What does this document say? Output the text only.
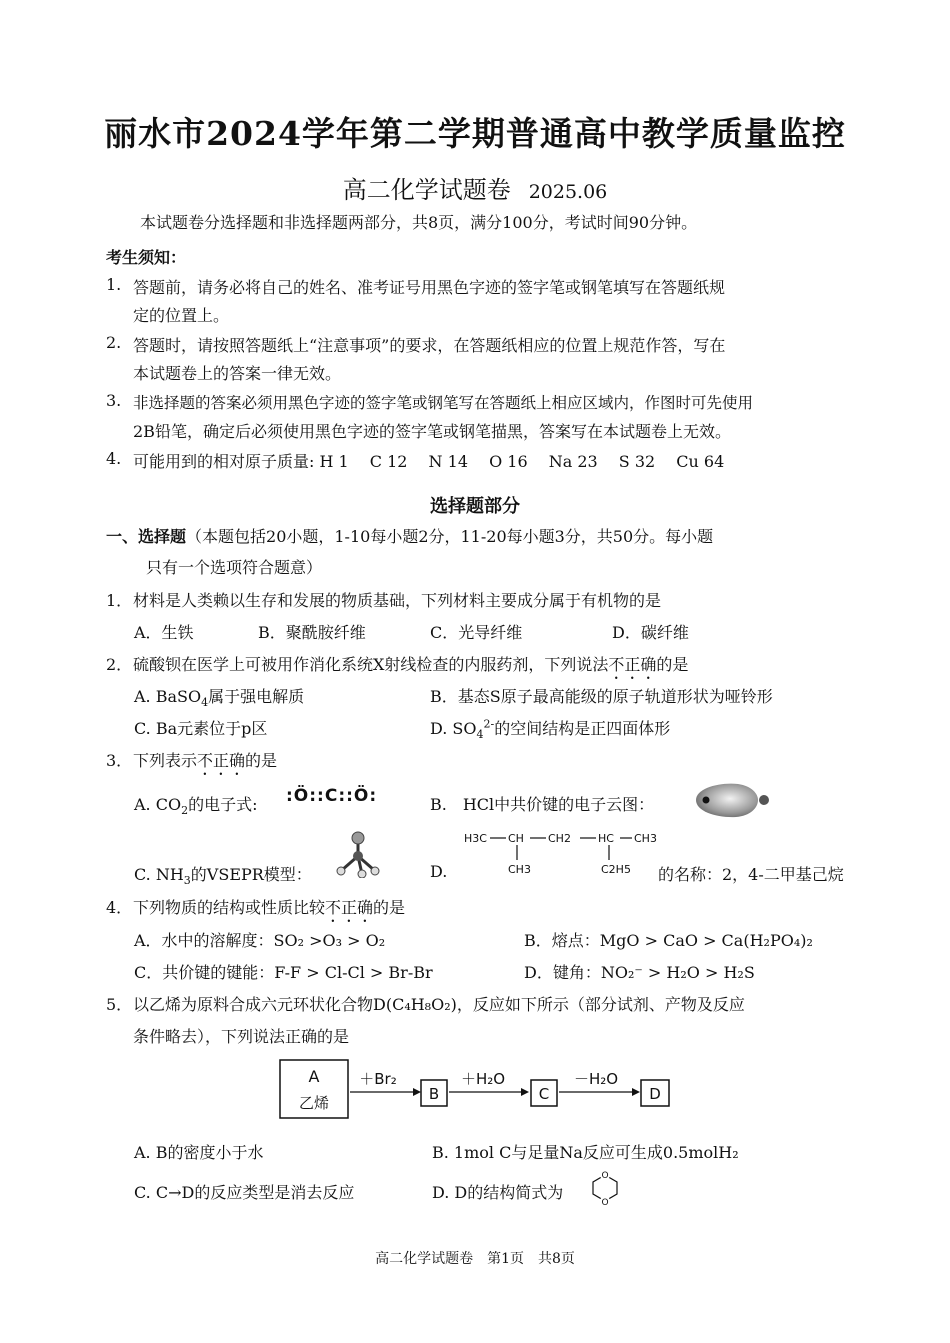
丽水市2024学年第二学期普通高中教学质量监控
高二化学试题卷 2025.06
本试题卷分选择题和非选择题两部分，共8页，满分100分，考试时间90分钟。
考生须知：
1. 答题前，请务必将自己的姓名、准考证号用黑色字迹的签字笔或钢笔填写在答题纸规
定的位置上。
2. 答题时，请按照答题纸上“注意事项”的要求，在答题纸相应的位置上规范作答，写在
本试题卷上的答案一律无效。
3. 非选择题的答案必须用黑色字迹的签字笔或钢笔写在答题纸上相应区域内，作图时可先使用
2B铅笔，确定后必须使用黑色字迹的签字笔或钢笔描黑，答案写在本试题卷上无效。
4. 可能用到的相对原子质量: H 1　 C 12　 N 14　 O 16　 Na 23　 S 32　 Cu 64
选择题部分
一、选择题（本题包括20小题，1-10每小题2分，11-20每小题3分，共50分。每小题
只有一个选项符合题意）
1． 材料是人类赖以生存和发展的物质基础，下列材料主要成分属于有机物的是
A．生铁	B．聚酰胺纤维	C．光导纤维	D．碳纤维
2． 硫酸钡在医学上可被用作消化系统X射线检查的内服药剂，下列说法不正确的是
A. BaSO$_4$属于强电解质	B．基态S原子最高能级的原子轨道形状为哑铃形
C. Ba元素位于p区	D. $SO_4^{2-}$的空间结构是正四面体形
3． 下列表示不正确的是
A. $CO_2$的电子式: :Ö::C::Ö:	B.　HCl中共价键的电子云图：
C. $NH_3$的VSEPR模型：	D.
H3C CH CH2 HC CH3
CH3	C2H5 的名称：2，4-二甲基己烷
4． 下列物质的结构或性质比较不正确的是
A．水中的溶解度：SO₂ >O₃ > O₂	B．熔点：MgO > CaO > Ca(H₂PO₄)₂
C．共价键的键能：F-F > Cl-Cl > Br-Br	D．键角：NO₂⁻ > H₂O > H₂S
5． 以乙烯为原料合成六元环状化合物D(C₄H₈O₂)，反应如下所示（部分试剂、产物及反应
条件略去），下列说法正确的是
A
乙烯
＋Br₂
B
＋H₂O
C
－H₂O
D
A. B的密度小于水	B. 1mol C与足量Na反应可生成0.5molH₂
C. C→D的反应类型是消去反应	D. D的结构简式为
O
O
高二化学试题卷　第1页　共8页
